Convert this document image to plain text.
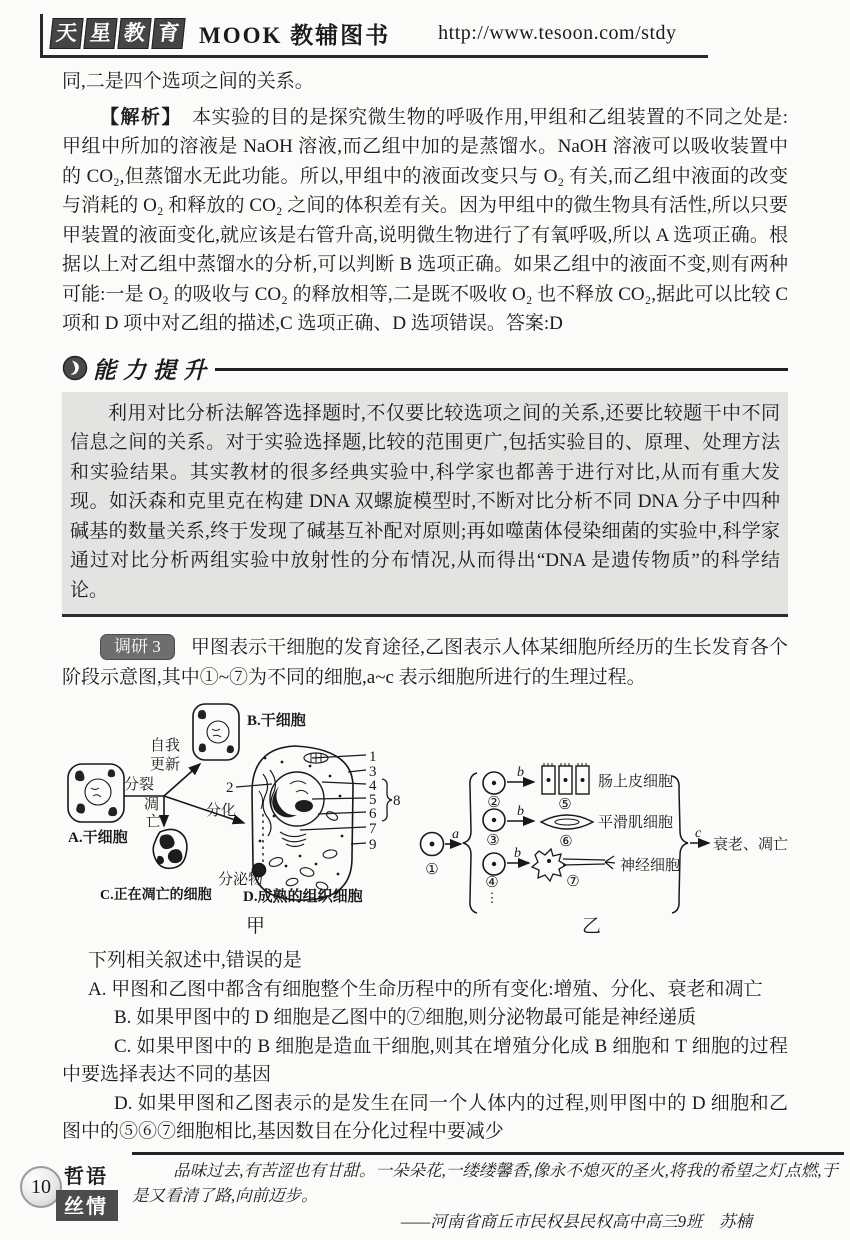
天 星 教 育 MOOK 教辅图书 http://www.tesoon.com/stdy

同,二是四个选项之间的关系。

【解析】 本实验的目的是探究微生物的呼吸作用,甲组和乙组装置的不同之处是:甲组中所加的溶液是 NaOH 溶液,而乙组中加的是蒸馏水。NaOH 溶液可以吸收装置中的 CO₂,但蒸馏水无此功能。所以,甲组中的液面改变只与 O₂ 有关,而乙组中液面的改变与消耗的 O₂ 和释放的 CO₂ 之间的体积差有关。因为甲组中的微生物具有活性,所以只要甲装置的液面变化,就应该是右管升高,说明微生物进行了有氧呼吸,所以 A 选项正确。根据以上对乙组中蒸馏水的分析,可以判断 B 选项正确。如果乙组中的液面不变,则有两种可能:一是 O₂ 的吸收与 CO₂ 的释放相等,二是既不吸收 O₂ 也不释放 CO₂,据此可以比较 C 项和 D 项中对乙组的描述,C 选项正确、D 选项错误。答案:D

能力提升

利用对比分析法解答选择题时,不仅要比较选项之间的关系,还要比较题干中不同信息之间的关系。对于实验选择题,比较的范围更广,包括实验目的、原理、处理方法和实验结果。其实教材的很多经典实验中,科学家也都善于进行对比,从而有重大发现。如沃森和克里克在构建 DNA 双螺旋模型时,不断对比分析不同 DNA 分子中四种碱基的数量关系,终于发现了碱基互补配对原则;再如噬菌体侵染细菌的实验中,科学家通过对比分析两组实验中放射性的分布情况,从而得出“DNA 是遗传物质”的科学结论。

调研 3 甲图表示干细胞的发育途径,乙图表示人体某细胞所经历的生长发育各个阶段示意图,其中①~⑦为不同的细胞,a~c 表示细胞所进行的生理过程。

A.干细胞
B.干细胞
自我
更新
分裂
凋
亡
分化
C.正在凋亡的细胞
分泌物
D.成熟的组织细胞
1
2
3
4
5
6
7
8
9
甲
①
a
②
③
④
⋮
b
b
b
⑤
⑥
⑦
肠上皮细胞
平滑肌细胞
神经细胞
c
衰老、凋亡
乙

下列相关叙述中,错误的是

A. 甲图和乙图中都含有细胞整个生命历程中的所有变化:增殖、分化、衰老和凋亡

B. 如果甲图中的 D 细胞是乙图中的⑦细胞,则分泌物最可能是神经递质

C. 如果甲图中的 B 细胞是造血干细胞,则其在增殖分化成 B 细胞和 T 细胞的过程中要选择表达不同的基因

D. 如果甲图和乙图表示的是发生在同一个人体内的过程,则甲图中的 D 细胞和乙图中的⑤⑥⑦细胞相比,基因数目在分化过程中要减少

10 哲语
丝情

品味过去,有苦涩也有甘甜。一朵朵花,一缕缕馨香,像永不熄灭的圣火,将我的希望之灯点燃,于是又看清了路,向前迈步。

——河南省商丘市民权县民权高中高三9班　苏楠
